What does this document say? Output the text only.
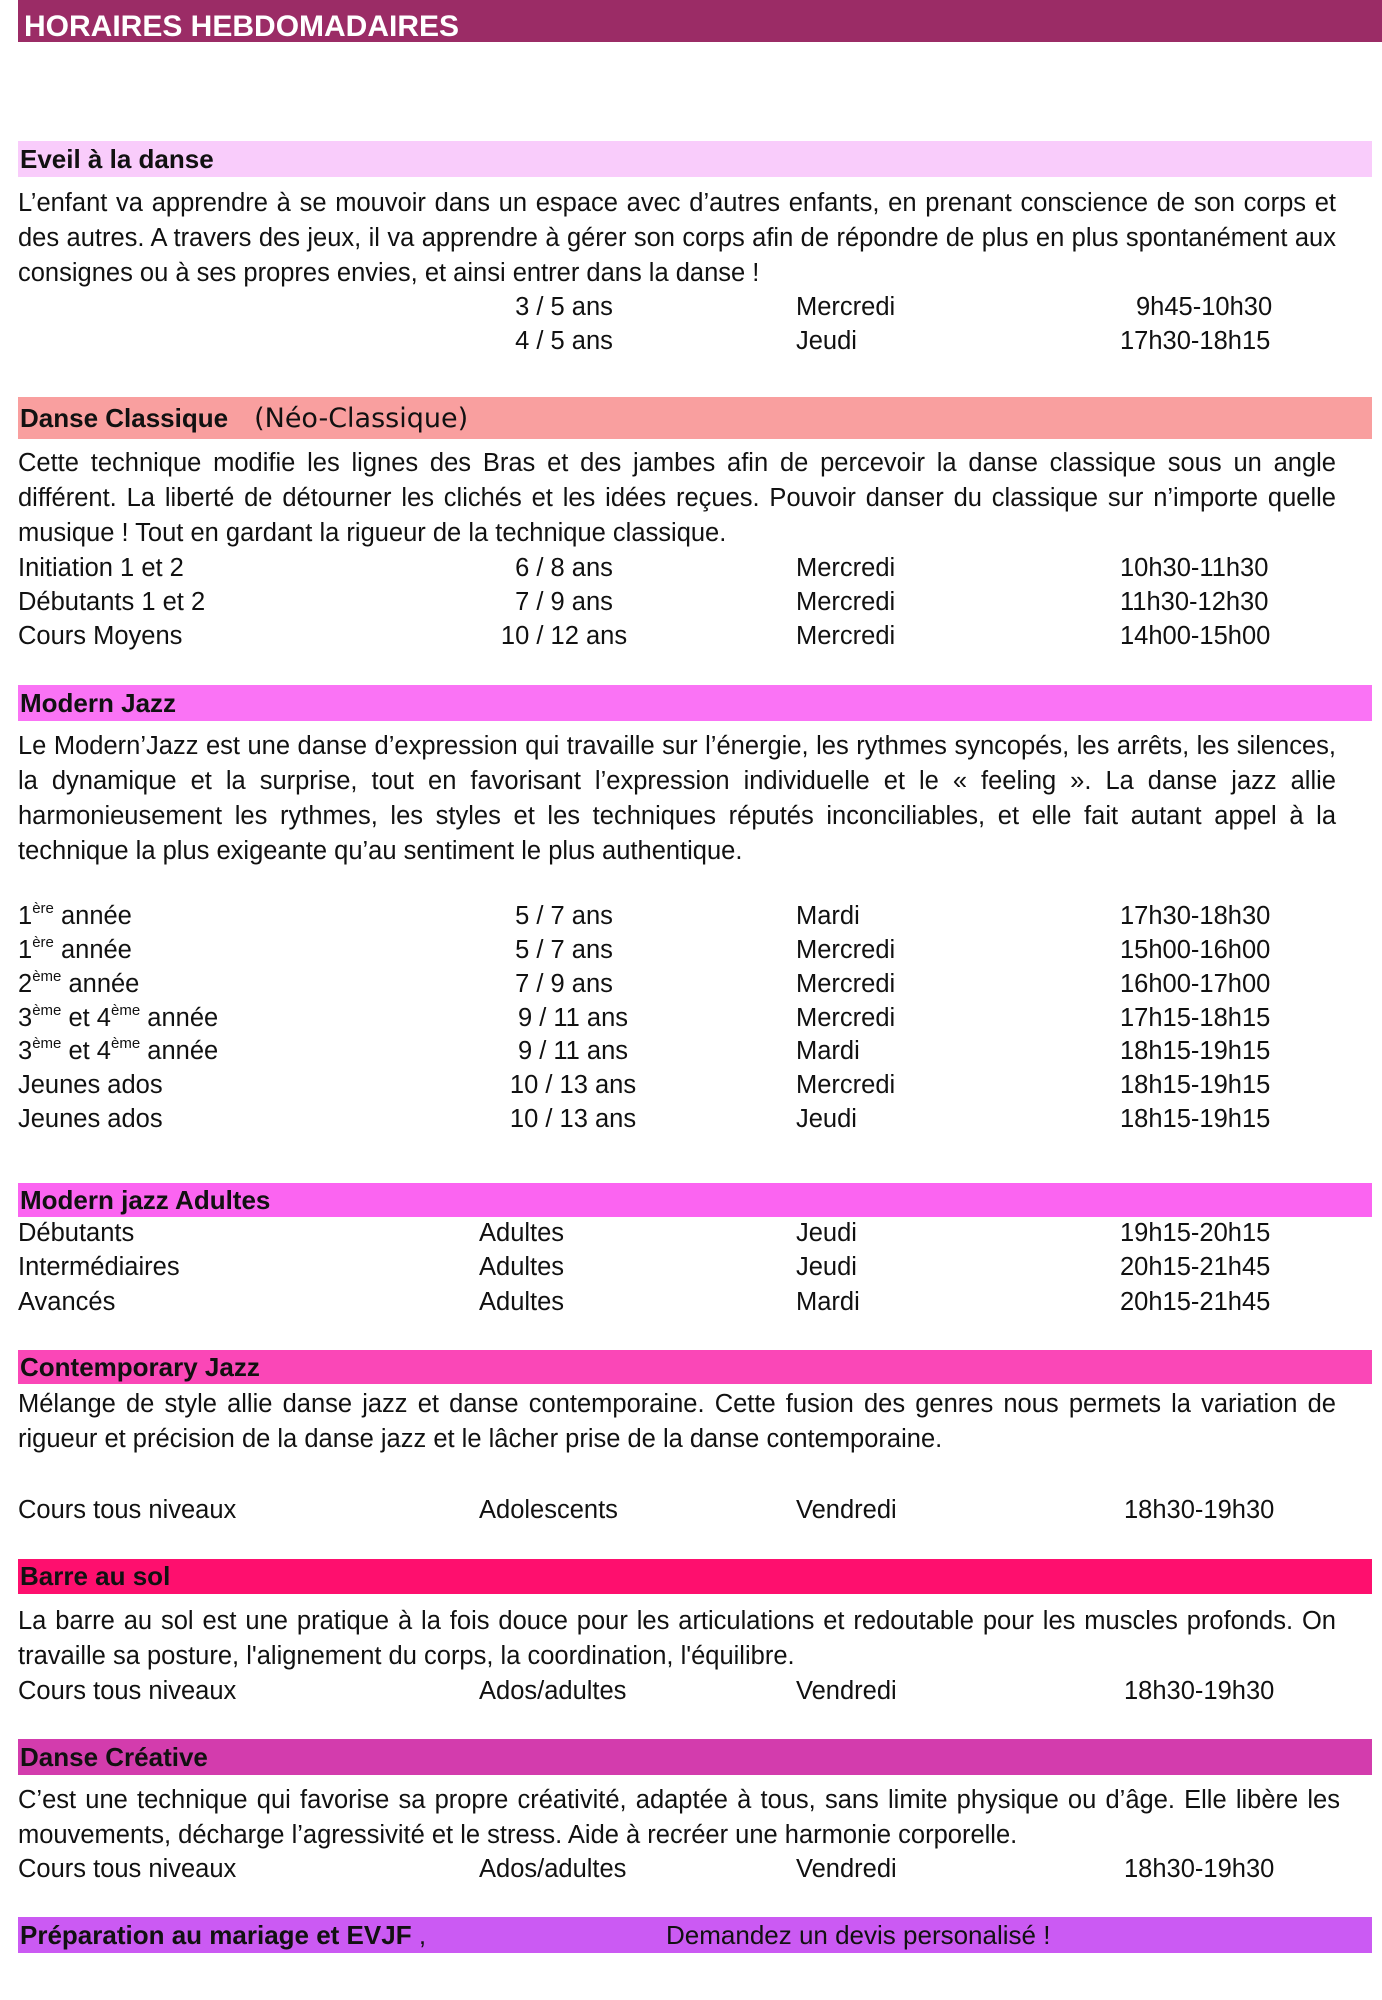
HORAIRES HEBDOMADAIRES
Eveil à la danse
L’enfant va apprendre à se mouvoir dans un espace avec d’autres enfants, en prenant conscience de son corps et des autres. A travers des jeux, il va apprendre à gérer son corps afin de répondre de plus en plus spontanément aux consignes ou à ses propres envies, et ainsi entrer dans la danse !
3 / 5 ans	Mercredi	9h45-10h30
4 / 5 ans	Jeudi	17h30-18h15
Danse Classique (Néo-Classique)
Cette technique modifie les lignes des Bras et des jambes afin de percevoir la danse classique sous un angle différent. La liberté de détourner les clichés et les idées reçues. Pouvoir danser du classique sur n’importe quelle musique ! Tout en gardant la rigueur de la technique classique.
Initiation 1 et 2	6 / 8 ans	Mercredi	10h30-11h30
Débutants 1 et 2	7 / 9 ans	Mercredi	11h30-12h30
Cours Moyens	10 / 12 ans	Mercredi	14h00-15h00
Modern Jazz
Le Modern’Jazz est une danse d’expression qui travaille sur l’énergie, les rythmes syncopés, les arrêts, les silences, la dynamique et la surprise, tout en favorisant l’expression individuelle et le « feeling ». La danse jazz allie harmonieusement les rythmes, les styles et les techniques réputés inconciliables, et elle fait autant appel à la technique la plus exigeante qu’au sentiment le plus authentique.
1ère année	5 / 7 ans	Mardi	17h30-18h30
1ère année	5 / 7 ans	Mercredi	15h00-16h00
2ème année	7 / 9 ans	Mercredi	16h00-17h00
3ème et 4ème année	9 / 11 ans	Mercredi	17h15-18h15
3ème et 4ème année	9 / 11 ans	Mardi	18h15-19h15
Jeunes ados	10 / 13 ans	Mercredi	18h15-19h15
Jeunes ados	10 / 13 ans	Jeudi	18h15-19h15
Modern jazz Adultes
Débutants	Adultes	Jeudi	19h15-20h15
Intermédiaires	Adultes	Jeudi	20h15-21h45
Avancés	Adultes	Mardi	20h15-21h45
Contemporary Jazz
Mélange de style allie danse jazz et danse contemporaine. Cette fusion des genres nous permets la variation de rigueur et précision de la danse jazz et le lâcher prise de la danse contemporaine.
Cours tous niveaux	Adolescents	Vendredi	18h30-19h30
Barre au sol
La barre au sol est une pratique à la fois douce pour les articulations et redoutable pour les muscles profonds. On travaille sa posture, l'alignement du corps, la coordination, l'équilibre.
Cours tous niveaux	Ados/adultes	Vendredi	18h30-19h30
Danse Créative
C’est une technique qui favorise sa propre créativité, adaptée à tous, sans limite physique ou d’âge. Elle libère les mouvements, décharge l’agressivité et le stress. Aide à recréer une harmonie corporelle.
Cours tous niveaux	Ados/adultes	Vendredi	18h30-19h30
Préparation au mariage et EVJF ,	Demandez un devis personalisé !
